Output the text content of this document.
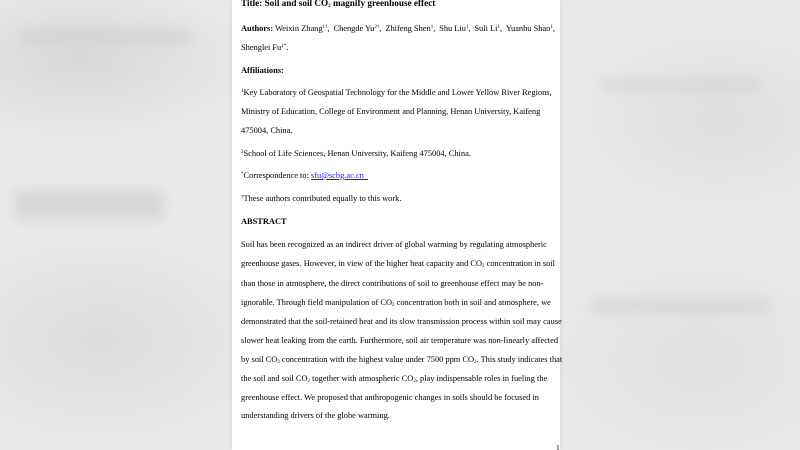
Title: Soil and soil $CO_2$ magnify greenhouse effect
Authors: Weixin Zhang$^{1\dagger}$, Chengde $Yu^{2\dagger}$, Zhifeng Shen$^1$, Shu Liu$^1$, Suli Li$^1$, Yuanhu Shao$^1$,
Shenglei $Fu^{1*}$.
Affiliations:
$^1$Key Laboratory of Geospatial Technology for the Middle and Lower Yellow River Regions,
Ministry of Education, College of Environment and Planning, Henan University, Kaifeng
475004, China.
$^2$School of Life Sciences, Henan University, Kaifeng 475004, China.
*Correspondence to: sfu@scbg.ac.cn
†These authors contributed equally to this work.
ABSTRACT
Soil has been recognized as an indirect driver of global warming by regulating atmospheric
greenhouse gases. However, in view of the higher heat capacity and $CO_2$ concentration in soil
than those in atmosphere, the direct contributions of soil to greenhouse effect may be non-
ignorable. Through field manipulation of $CO_2$ concentration both in soil and atmosphere, we
demonstrated that the soil-retained heat and its slow transmission process within soil may cause
slower heat leaking from the earth. Furthermore, soil air temperature was non-linearly affected
by soil $CO_2$ concentration with the highest value under 7500 ppm $CO_2$. This study indicates that
the soil and soil $CO_2$ together with atmospheric $CO_2$, play indispensable roles in fueling the
greenhouse effect. We proposed that anthropogenic changes in soils should be focused in
understanding drivers of the globe warming.
1
